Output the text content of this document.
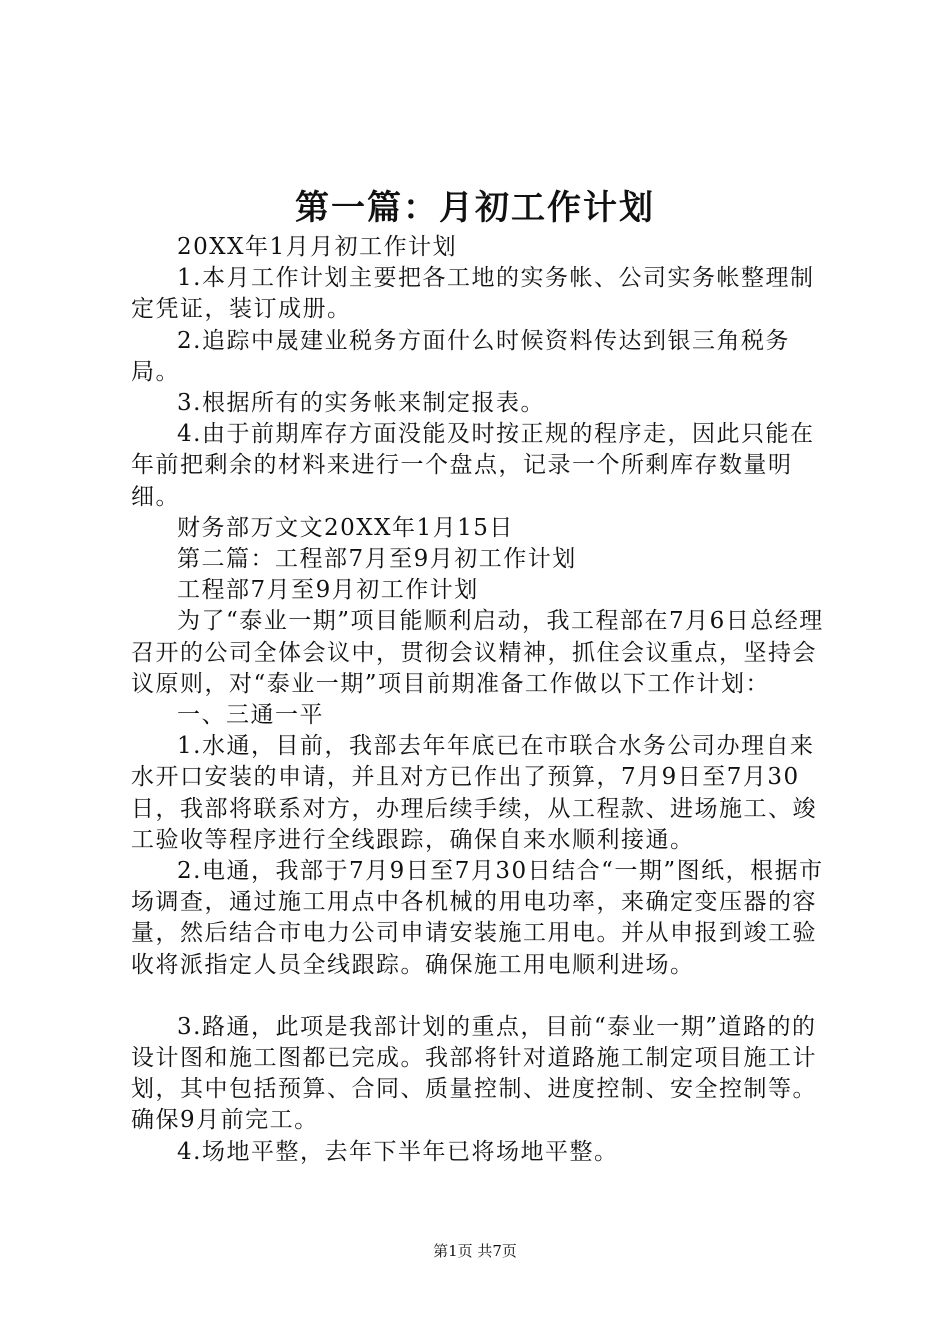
第一篇：月初工作计划

20XX年1月月初工作计划

1.本月工作计划主要把各工地的实务帐、公司实务帐整理制定凭证，装订成册。

2.追踪中晟建业税务方面什么时候资料传达到银三角税务局。

3.根据所有的实务帐来制定报表。

4.由于前期库存方面没能及时按正规的程序走，因此只能在年前把剩余的材料来进行一个盘点，记录一个所剩库存数量明细。

财务部万文文20XX年1月15日

第二篇：工程部7月至9月初工作计划

工程部7月至9月初工作计划

为了“泰业一期”项目能顺利启动，我工程部在7月6日总经理召开的公司全体会议中，贯彻会议精神，抓住会议重点，坚持会议原则，对“泰业一期”项目前期准备工作做以下工作计划：

一、三通一平

1.水通，目前，我部去年年底已在市联合水务公司办理自来水开口安装的申请，并且对方已作出了预算，7月9日至7月30日，我部将联系对方，办理后续手续，从工程款、进场施工、竣工验收等程序进行全线跟踪，确保自来水顺利接通。

2.电通，我部于7月9日至7月30日结合“一期”图纸，根据市场调查，通过施工用点中各机械的用电功率，来确定变压器的容量，然后结合市电力公司申请安装施工用电。并从申报到竣工验收将派指定人员全线跟踪。确保施工用电顺利进场。

3.路通，此项是我部计划的重点，目前“泰业一期”道路的的设计图和施工图都已完成。我部将针对道路施工制定项目施工计划，其中包括预算、合同、质量控制、进度控制、安全控制等。确保9月前完工。

4.场地平整，去年下半年已将场地平整。

第1页 共7页
